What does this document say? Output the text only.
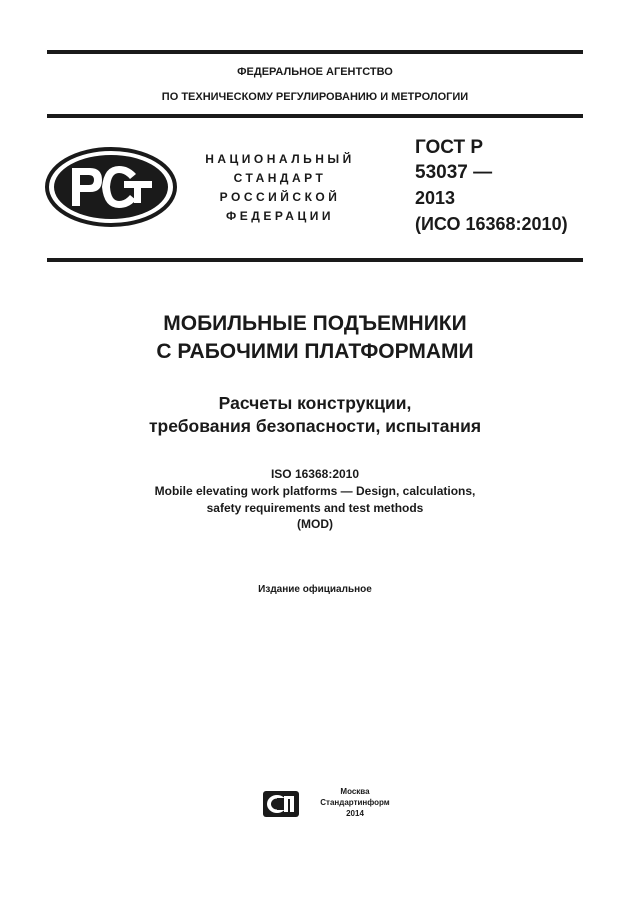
ФЕДЕРАЛЬНОЕ АГЕНТСТВО
ПО ТЕХНИЧЕСКОМУ РЕГУЛИРОВАНИЮ И МЕТРОЛОГИИ
НАЦИОНАЛЬНЫЙ
СТАНДАРТ
РОССИЙСКОЙ
ФЕДЕРАЦИИ
ГОСТ Р
53037 —
2013
(ИСО 16368:2010)
МОБИЛЬНЫЕ ПОДЪЕМНИКИ
С РАБОЧИМИ ПЛАТФОРМАМИ
Расчеты конструкции,
требования безопасности, испытания
ISO 16368:2010
Mobile elevating work platforms — Design, calculations,
safety requirements and test methods
(MOD)
Издание официальное
Москва
Стандартинформ
2014
